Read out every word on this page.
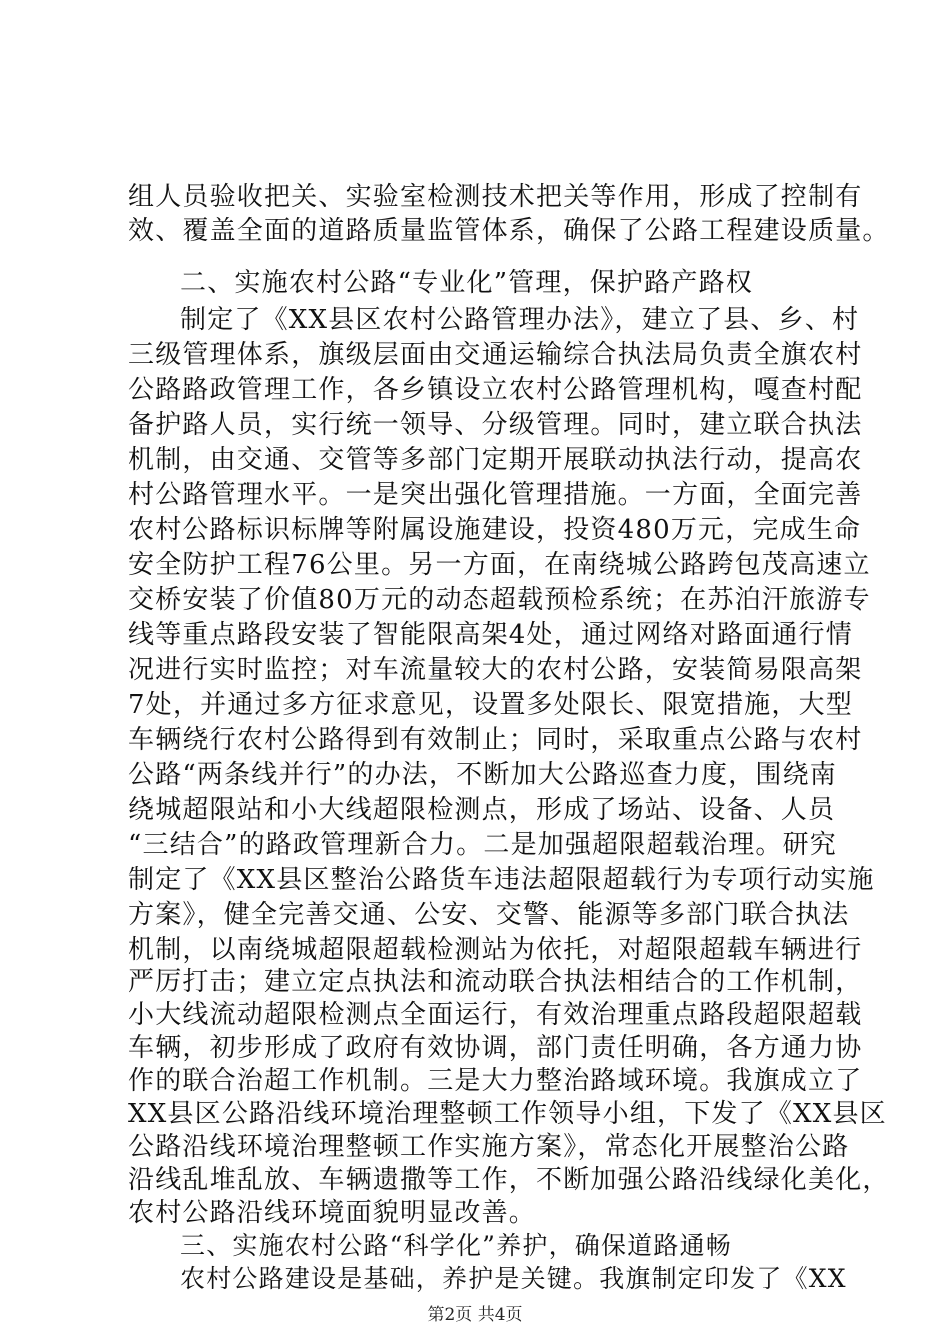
组人员验收把关、实验室检测技术把关等作用，形成了控制有
效、覆盖全面的道路质量监管体系，确保了公路工程建设质量。
二、实施农村公路“专业化”管理，保护路产路权
制定了《XX县区农村公路管理办法》，建立了县、乡、村
三级管理体系，旗级层面由交通运输综合执法局负责全旗农村
公路路政管理工作，各乡镇设立农村公路管理机构，嘎查村配
备护路人员，实行统一领导、分级管理。同时，建立联合执法
机制，由交通、交管等多部门定期开展联动执法行动，提高农
村公路管理水平。一是突出强化管理措施。一方面，全面完善
农村公路标识标牌等附属设施建设，投资480万元，完成生命
安全防护工程76公里。另一方面，在南绕城公路跨包茂高速立
交桥安装了价值80万元的动态超载预检系统；在苏泊汗旅游专
线等重点路段安装了智能限高架4处，通过网络对路面通行情
况进行实时监控；对车流量较大的农村公路，安装简易限高架
7处，并通过多方征求意见，设置多处限长、限宽措施，大型
车辆绕行农村公路得到有效制止；同时，采取重点公路与农村
公路“两条线并行”的办法，不断加大公路巡查力度，围绕南
绕城超限站和小大线超限检测点，形成了场站、设备、人员
“三结合”的路政管理新合力。二是加强超限超载治理。研究
制定了《XX县区整治公路货车违法超限超载行为专项行动实施
方案》，健全完善交通、公安、交警、能源等多部门联合执法
机制，以南绕城超限超载检测站为依托，对超限超载车辆进行
严厉打击；建立定点执法和流动联合执法相结合的工作机制，
小大线流动超限检测点全面运行，有效治理重点路段超限超载
车辆，初步形成了政府有效协调，部门责任明确，各方通力协
作的联合治超工作机制。三是大力整治路域环境。我旗成立了
XX县区公路沿线环境治理整顿工作领导小组，下发了《XX县区
公路沿线环境治理整顿工作实施方案》，常态化开展整治公路
沿线乱堆乱放、车辆遗撒等工作，不断加强公路沿线绿化美化，
农村公路沿线环境面貌明显改善。
三、实施农村公路“科学化”养护，确保道路通畅
农村公路建设是基础，养护是关键。我旗制定印发了《XX
第2页 共4页
